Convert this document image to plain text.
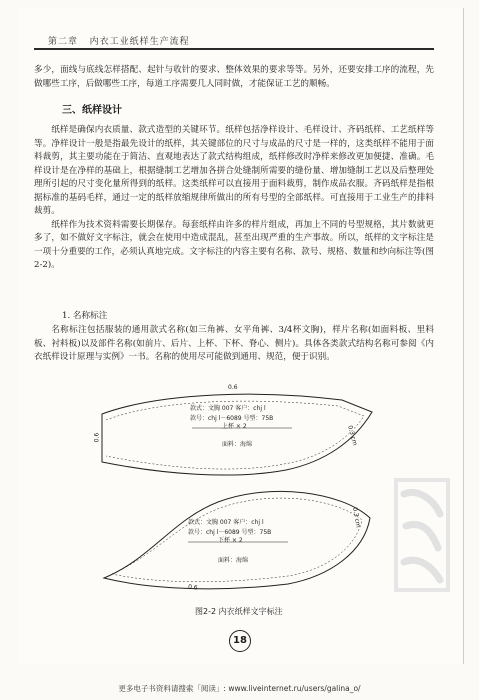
第二章 内衣工业纸样生产流程

多少，面线与底线怎样搭配、起针与收针的要求、整体效果的要求等等。另外，还要安排工序的流程，先做哪些工序，后做哪些工序，每道工序需要几人同时做，才能保证工艺的顺畅。

三、纸样设计

纸样是确保内衣质量、款式造型的关键环节。纸样包括净样设计、毛样设计、齐码纸样、工艺纸样等等。净样设计一般是指最先设计的纸样，其关键部位的尺寸与成品的尺寸是一样的，这类纸样不能用于面料裁剪，其主要功能在于简洁、直观地表达了款式结构组成，纸样修改时净样来修改更加便捷、准确。毛样设计是在净样的基础上，根据缝制工艺增加各拼合处缝制所需要的缝份量、增加缝制工艺以及后整理处理所引起的尺寸变化量所得到的纸样。这类纸样可以直接用于面料裁剪，制作成品衣服。齐码纸样是指根据标准的基码毛样，通过一定的纸样放缩规律所做出的所有号型的全部纸样。可直接用于工业生产的排料裁剪。

纸样作为技术资料需要长期保存。每套纸样由许多的样片组成，再加上不同的号型规格，其片数就更多了，如不做好文字标注，就会在使用中造成混乱，甚至出现严重的生产事故。所以，纸样的文字标注是一项十分重要的工作，必须认真地完成。文字标注的内容主要有名称、款号、规格、数量和纱向标注等(图2-2)。

1. 名称标注

名称标注包括服装的通用款式名称(如三角裤、女平角裤、3/4杯文胸)，样片名称(如面料板、里料板、衬料板)以及部件名称(如前片、后片、上杯、下杯、脊心、侧片)。具体各类款式结构名称可参阅《内衣纸样设计原理与实例》一书。名称的使用尽可能做到通用、规范，便于识别。

0.6
0.6	0.3 cm
款式：文胸 007 客户：chj l
款号：chj l－6089 号型：75B
上杯 × 2
面料：海绵
0.3 cm
0.6
款式：文胸 007 客户：chj l
款号：chj l－6089 号型：75B
下杯 × 2
面料：海绵
图2-2 内衣纸样文字标注
18
更多电子书资料请搜索「阅读」: www.liveinternet.ru/users/galina_o/
